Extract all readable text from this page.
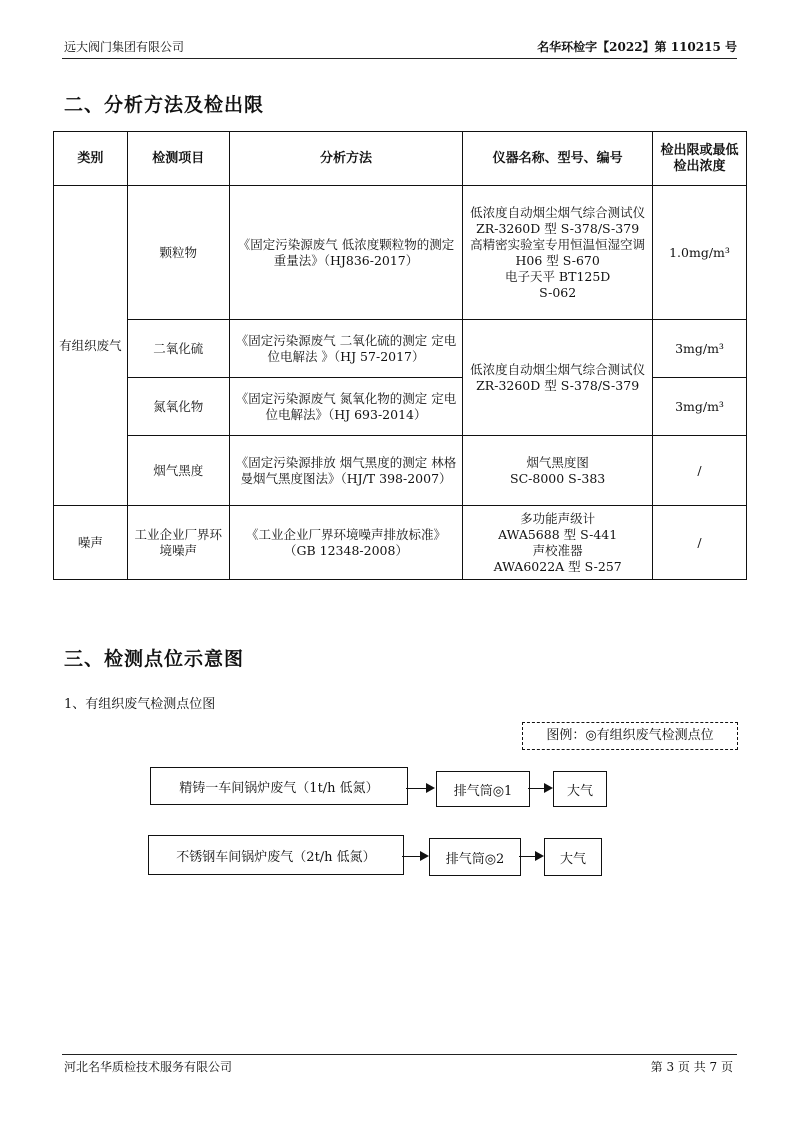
远大阀门集团有限公司	名华环检字【2022】第 110215 号
二、分析方法及检出限
类别	检测项目	分析方法	仪器名称、型号、编号	检出限或最低检出浓度
有组织废气	颗粒物	《固定污染源废气 低浓度颗粒物的测定 重量法》（HJ836-2017）	低浓度自动烟尘烟气综合测试仪
ZR-3260D 型 S-378/S-379
高精密实验室专用恒温恒湿空调 H06 型 S-670
电子天平 BT125D
S-062	1.0mg/m³
	二氧化硫	《固定污染源废气 二氧化硫的测定 定电位电解法 》（HJ 57-2017）	低浓度自动烟尘烟气综合测试仪
ZR-3260D 型 S-378/S-379	3mg/m³
	氮氧化物	《固定污染源废气 氮氧化物的测定 定电位电解法》（HJ 693-2014）		3mg/m³
	烟气黑度	《固定污染源排放 烟气黑度的测定 林格曼烟气黑度图法》（HJ/T 398-2007）	烟气黑度图
SC-8000 S-383	/
噪声	工业企业厂界环境噪声	《工业企业厂界环境噪声排放标准》 （GB 12348-2008）	多功能声级计
AWA5688 型 S-441
声校准器
AWA6022A 型 S-257	/
三、检测点位示意图
1、有组织废气检测点位图
图例：◎有组织废气检测点位
精铸一车间锅炉废气（1t/h 低氮）	排气筒◎1	大气
不锈钢车间锅炉废气（2t/h 低氮）	排气筒◎2	大气
河北名华质检技术服务有限公司	第 3 页 共 7 页
